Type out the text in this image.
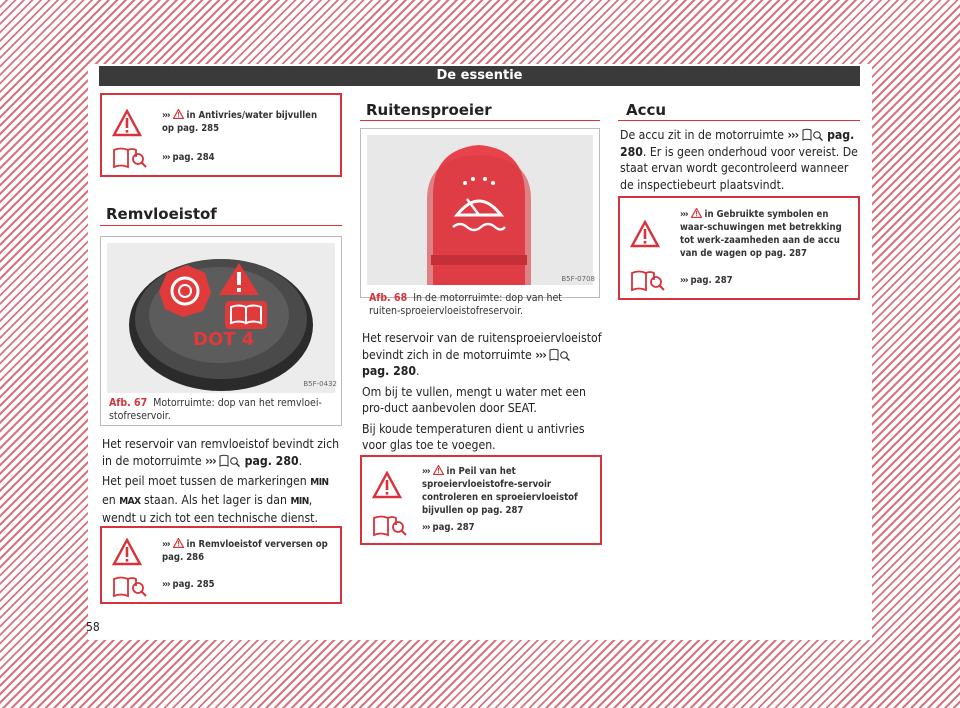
De essentie
››› in Antivries/water bijvullen op pag. 285
››› pag. 284
Remvloeistof
DOT 4
B5F-0432
Afb. 67 Motorruimte: dop van het remvloei-stofreservoir.

Het reservoir van remvloeistof bevindt zich in de motorruimte ››› pag. 280.

Het peil moet tussen de markeringen MIN en MAX staan. Als het lager is dan MIN, wendt u zich tot een technische dienst.

››› in Remvloeistof verversen op pag. 286
››› pag. 285
Ruitensproeier
B5F-0708
Afb. 68 In de motorruimte: dop van het ruiten-sproeiervloeistofreservoir.

Het reservoir van de ruitensproeiervloeistof bevindt zich in de motorruimte ›››  pag. 280.

Om bij te vullen, mengt u water met een pro-duct aanbevolen door SEAT.

Bij koude temperaturen dient u antivries voor glas toe te voegen.

››› in Peil van het sproeiervloeistofre-servoir controleren en sproeiervloeistof bijvullen op pag. 287
››› pag. 287
Accu

De accu zit in de motorruimte ››› pag. 280. Er is geen onderhoud voor vereist. De staat ervan wordt gecontroleerd wanneer de inspectiebeurt plaatsvindt.

››› in Gebruikte symbolen en waar-schuwingen met betrekking tot werk-zaamheden aan de accu van de wagen op pag. 287
››› pag. 287
58
